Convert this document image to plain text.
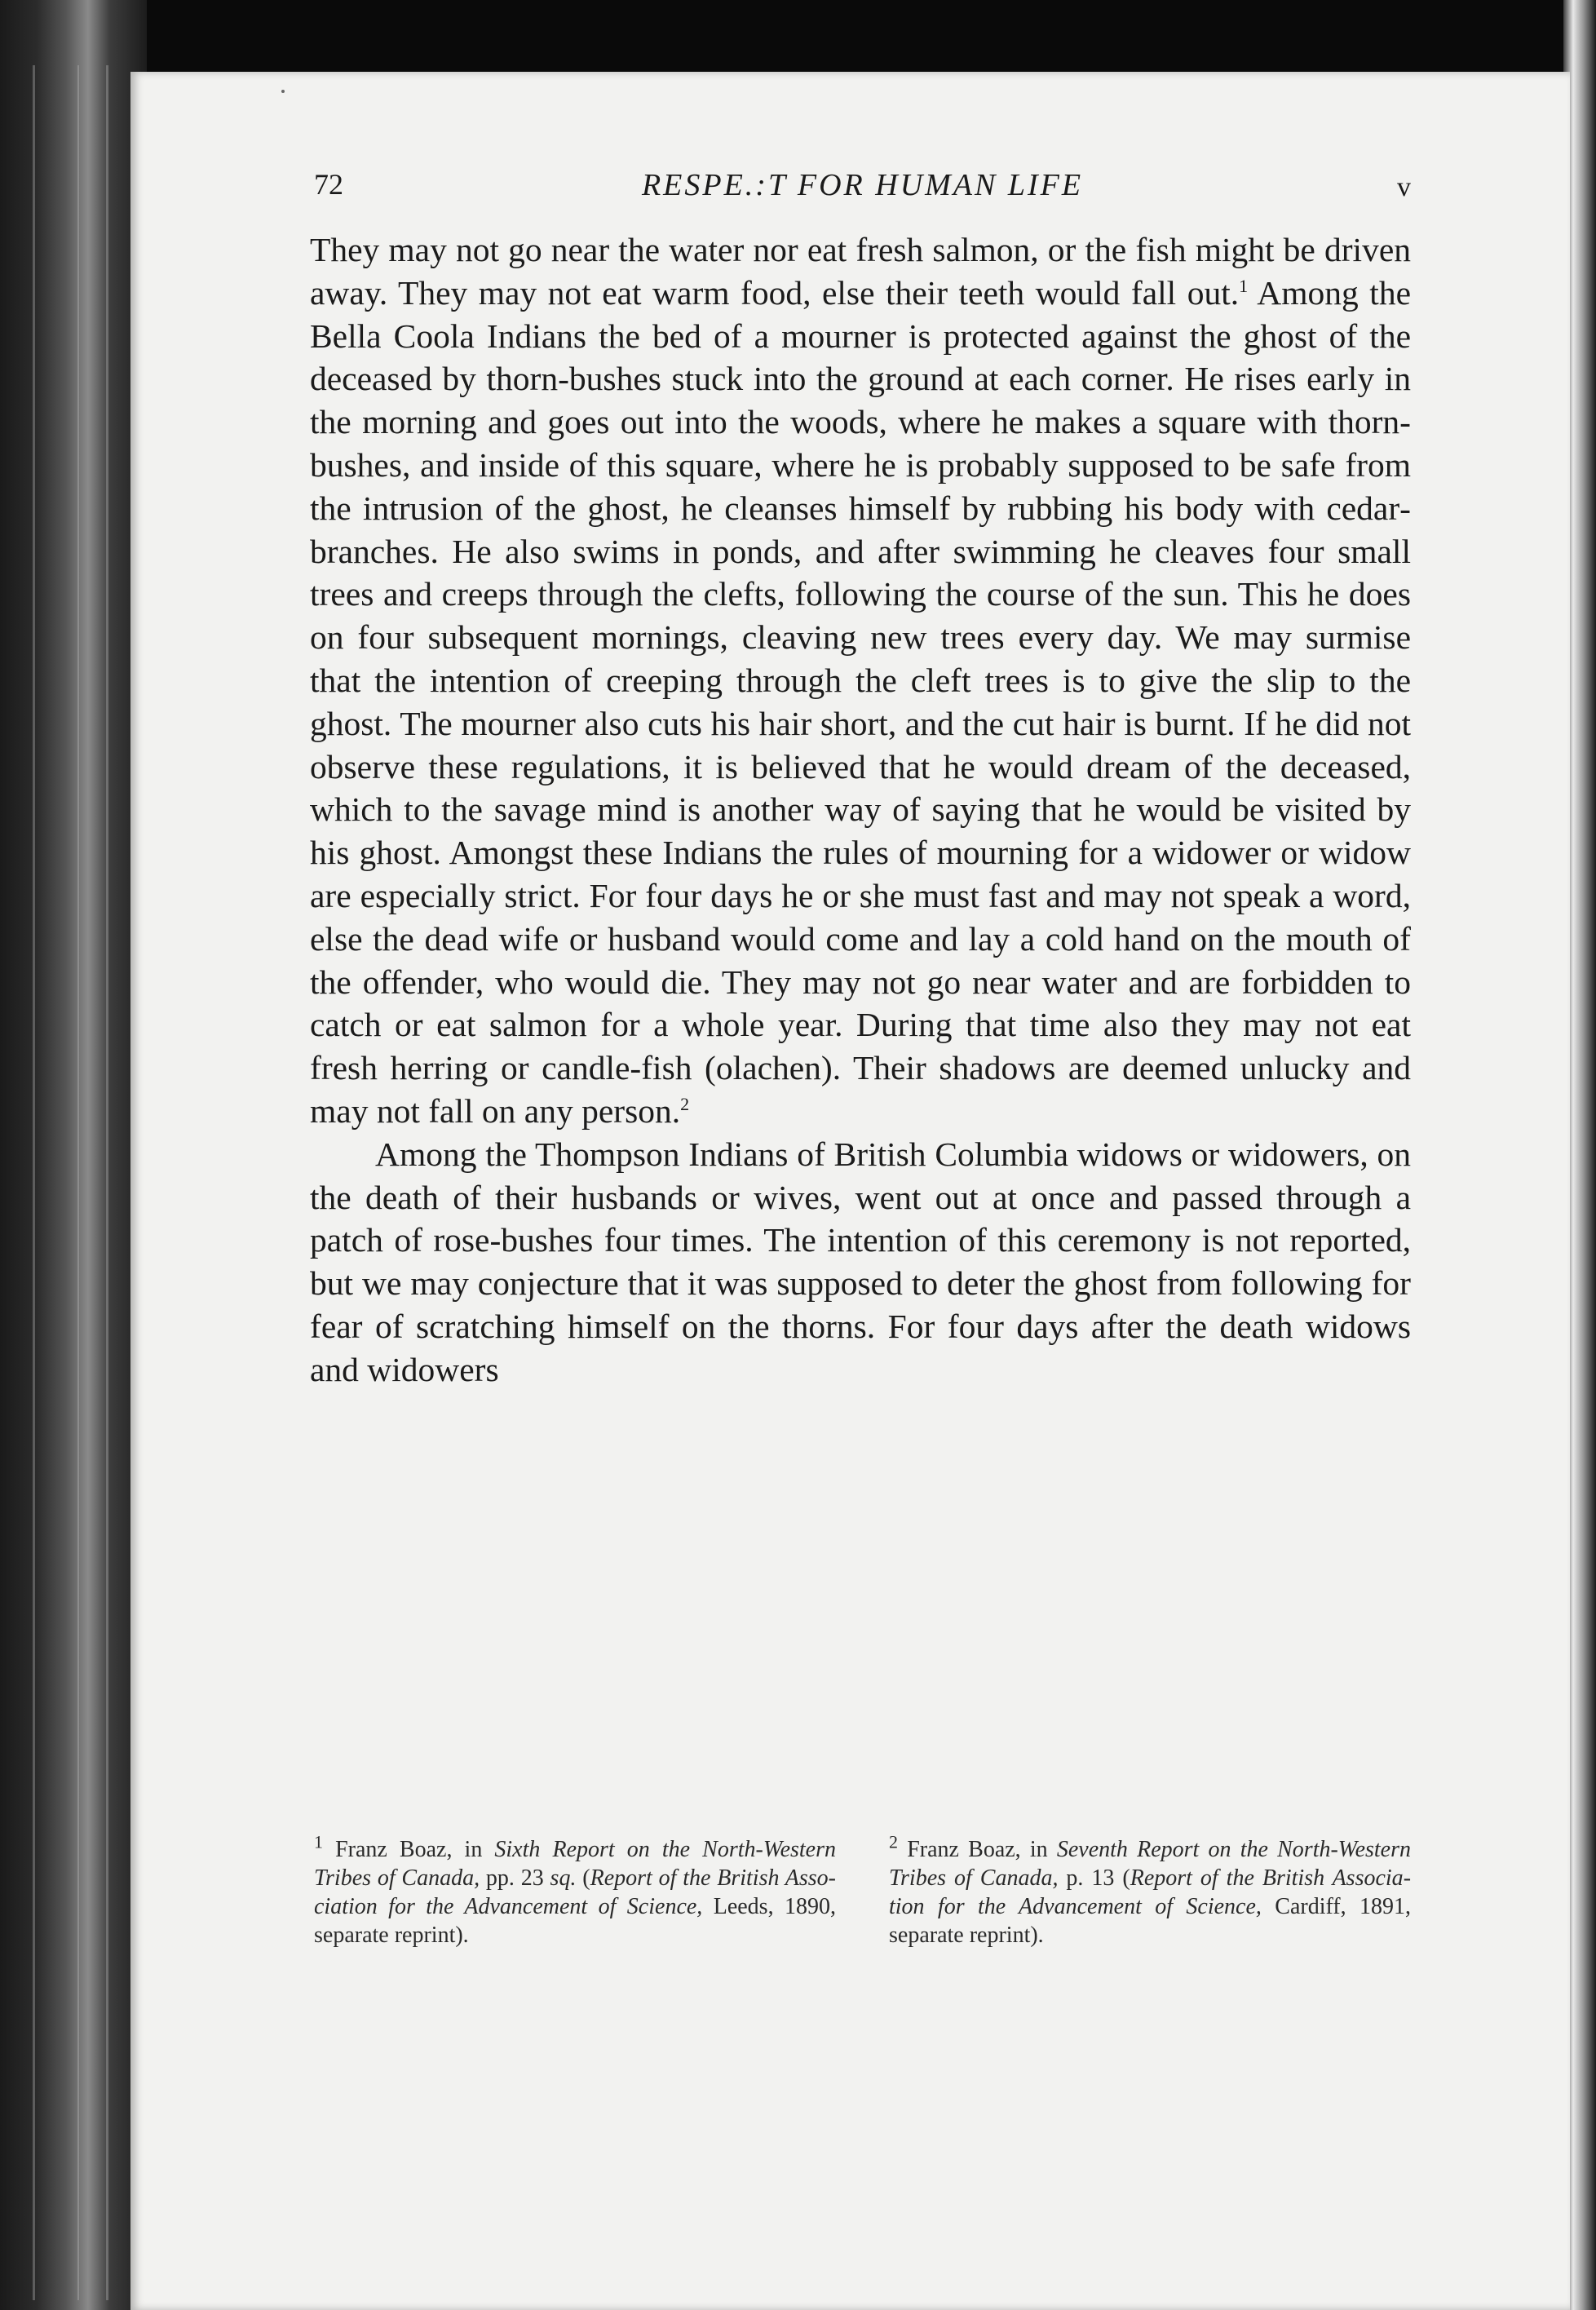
72	RESPE.:T FOR HUMAN LIFE	v

They may not go near the water nor eat fresh salmon, or the fish might be driven away. They may not eat warm food, else their teeth would fall out.$^1$ Among the Bella Coola Indians the bed of a mourner is protected against the ghost of the deceased by thorn-bushes stuck into the ground at each corner. He rises early in the morning and goes out into the woods, where he makes a square with thorn-bushes, and inside of this square, where he is probably supposed to be safe from the intrusion of the ghost, he cleanses himself by rubbing his body with cedarbranches. He also swims in ponds, and after swimming he cleaves four small trees and creeps through the clefts, following the course of the sun. This he does on four subsequent mornings, cleaving new trees every day. We may surmise that the intention of creeping through the cleft trees is to give the slip to the ghost. The mourner also cuts his hair short, and the cut hair is burnt. If he did not observe these regulations, it is believed that he would dream of the deceased, which to the savage mind is another way of saying that he would be visited by his ghost. Amongst these Indians the rules of mourning for a widower or widow are especially strict. For four days he or she must fast and may not speak a word, else the dead wife or husband would come and lay a cold hand on the mouth of the offender, who would die. They may not go near water and are forbidden to catch or eat salmon for a whole year. During that time also they may not eat fresh herring or candle-fish (olachen). Their shadows are deemed unlucky and may not fall on any person.$^2$

Among the Thompson Indians of British Columbia widows or widowers, on the death of their husbands or wives, went out at once and passed through a patch of rose-bushes four times. The intention of this ceremony is not reported, but we may conjecture that it was supposed to deter the ghost from following for fear of scratching himself on the thorns. For four days after the death widows and widowers

$^1$ Franz Boaz, in Sixth Report on the North-Western Tribes of Canada, pp. 23 sq. (Report of the British Association for the Advancement of Science, Leeds, 1890, separate reprint).
$^2$ Franz Boaz, in Seventh Report on the North-Western Tribes of Canada, p. 13 (Report of the British Association for the Advancement of Science, Cardiff, 1891, separate reprint).
